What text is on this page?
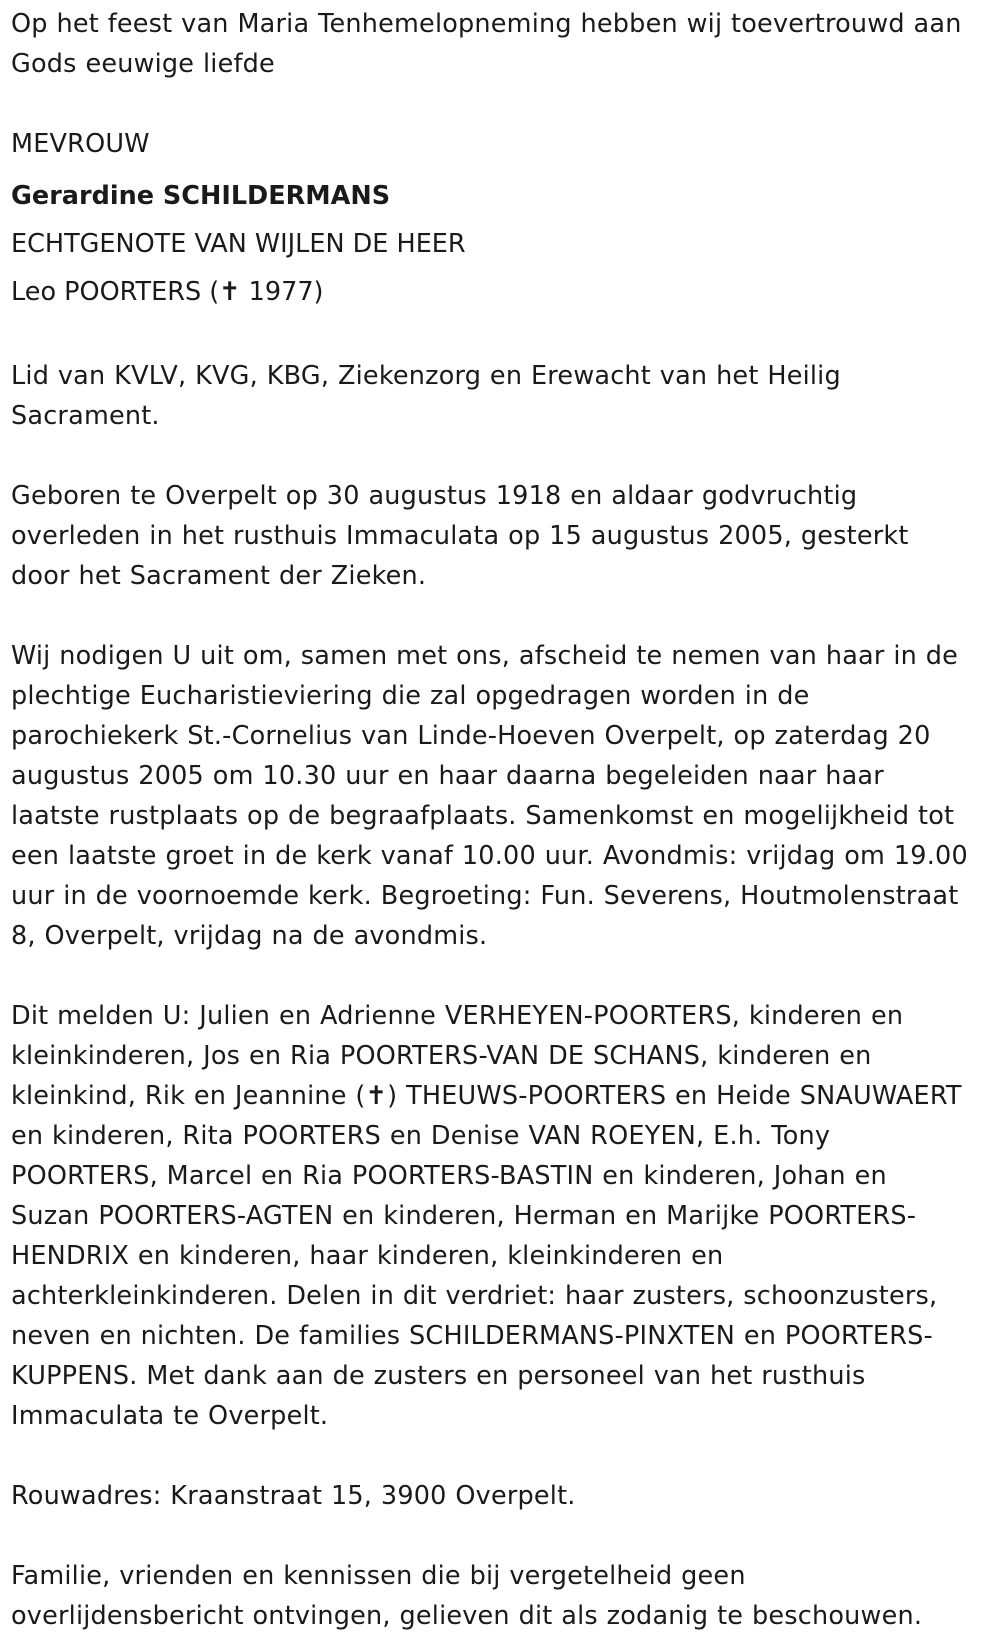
Op het feest van Maria Tenhemelopneming hebben wij toevertrouwd aan Gods eeuwige liefde

MEVROUW

Gerardine SCHILDERMANS

ECHTGENOTE VAN WIJLEN DE HEER

Leo POORTERS (✝ 1977)

Lid van KVLV, KVG, KBG, Ziekenzorg en Erewacht van het Heilig Sacrament.

Geboren te Overpelt op 30 augustus 1918 en aldaar godvruchtig overleden in het rusthuis Immaculata op 15 augustus 2005, gesterkt door het Sacrament der Zieken.

Wij nodigen U uit om, samen met ons, afscheid te nemen van haar in de plechtige Eucharistieviering die zal opgedragen worden in de parochiekerk St.-Cornelius van Linde-Hoeven Overpelt, op zaterdag 20 augustus 2005 om 10.30 uur en haar daarna begeleiden naar haar laatste rustplaats op de begraafplaats. Samenkomst en mogelijkheid tot een laatste groet in de kerk vanaf 10.00 uur. Avondmis: vrijdag om 19.00 uur in de voornoemde kerk. Begroeting: Fun. Severens, Houtmolenstraat 8, Overpelt, vrijdag na de avondmis.

Dit melden U: Julien en Adrienne VERHEYEN-POORTERS, kinderen en kleinkinderen, Jos en Ria POORTERS-VAN DE SCHANS, kinderen en kleinkind, Rik en Jeannine (✝) THEUWS-POORTERS en Heide SNAUWAERT en kinderen, Rita POORTERS en Denise VAN ROEYEN, E.h. Tony POORTERS, Marcel en Ria POORTERS-BASTIN en kinderen, Johan en Suzan POORTERS-AGTEN en kinderen, Herman en Marijke POORTERS-HENDRIX en kinderen, haar kinderen, kleinkinderen en achterkleinkinderen. Delen in dit verdriet: haar zusters, schoonzusters, neven en nichten. De families SCHILDERMANS-PINXTEN en POORTERS-KUPPENS. Met dank aan de zusters en personeel van het rusthuis Immaculata te Overpelt.

Rouwadres: Kraanstraat 15, 3900 Overpelt.

Familie, vrienden en kennissen die bij vergetelheid geen overlijdensbericht ontvingen, gelieven dit als zodanig te beschouwen.
